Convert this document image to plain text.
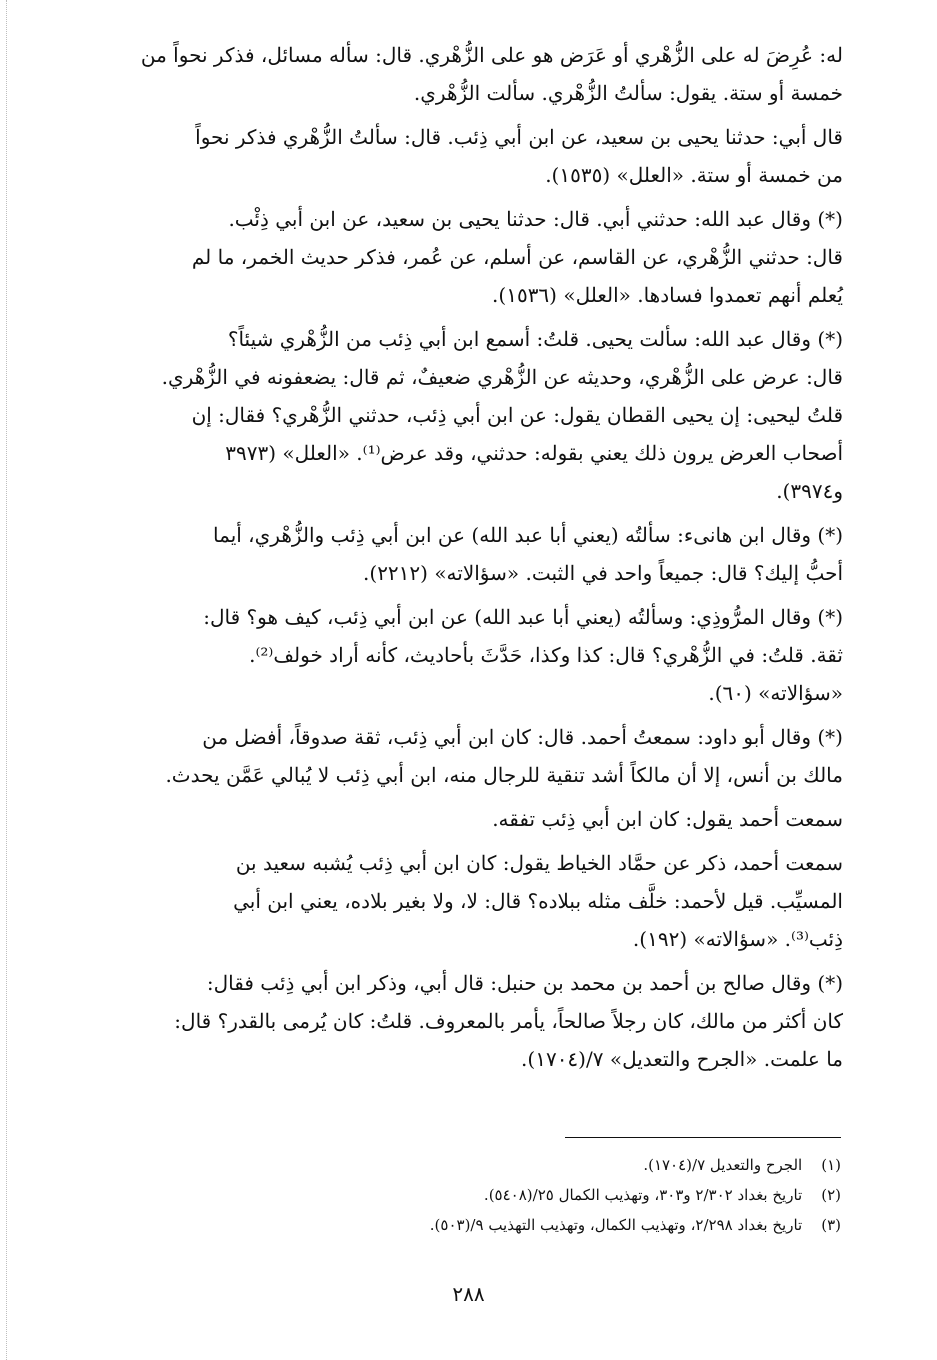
له: عُرِضَ له على الزُّهْري أو عَرَض هو على الزُّهْري. قال: سأله مسائل، فذكر نحواً من
خمسة أو ستة. يقول: سألتُ الزُّهْري. سألت الزُّهْري.

قال أبي: حدثنا يحيى بن سعيد، عن ابن أبي ذِئب. قال: سألتُ الزُّهْري فذكر نحواً
من خمسة أو ستة. «العلل» (١٥٣٥).

(*) وقال عبد الله: حدثني أبي. قال: حدثنا يحيى بن سعيد، عن ابن أبي ذِئْب.
قال: حدثني الزُّهْري، عن القاسم، عن أسلم، عن عُمر، فذكر حديث الخمر، ما لم
يُعلم أنهم تعمدوا فسادها. «العلل» (١٥٣٦).

(*) وقال عبد الله: سألت يحيى. قلتُ: أسمع ابن أبي ذِئب من الزُّهْري شيئاً؟
قال: عرض على الزُّهْري، وحديثه عن الزُّهْري ضعيفٌ، ثم قال: يضعفونه في الزُّهْري.
قلتُ ليحيى: إن يحيى القطان يقول: عن ابن أبي ذِئب، حدثني الزُّهْري؟ فقال: إن
أصحاب العرض يرون ذلك يعني بقوله: حدثني، وقد عرض⁽¹⁾. «العلل» (٣٩٧٣
و٣٩٧٤).

(*) وقال ابن هانىء: سألتُه (يعني أبا عبد الله) عن ابن أبي ذِئب والزُّهْري، أيما
أحبُّ إليك؟ قال: جميعاً واحد في الثبت. «سؤالاته» (٢٢١٢).

(*) وقال المرُّوذِي: وسألتُه (يعني أبا عبد الله) عن ابن أبي ذِئب، كيف هو؟ قال:
ثقة. قلتُ: في الزُّهْري؟ قال: كذا وكذا، حَدَّثَ بأحاديث، كأنه أراد خولف⁽²⁾.
«سؤالاته» (٦٠).

(*) وقال أبو داود: سمعتُ أحمد. قال: كان ابن أبي ذِئب، ثقة صدوقاً، أفضل من
مالك بن أنس، إلا أن مالكاً أشد تنقية للرجال منه، ابن أبي ذِئب لا يُبالي عَمَّن يحدث.

سمعت أحمد يقول: كان ابن أبي ذِئب تفقه.

سمعت أحمد، ذكر عن حمَّاد الخياط يقول: كان ابن أبي ذِئب يُشبه سعيد بن
المسيِّب. قيل لأحمد: خلَّف مثله ببلاده؟ قال: لا، ولا بغير بلاده، يعني ابن أبي
ذِئب⁽³⁾. «سؤالاته» (١٩٢).

(*) وقال صالح بن أحمد بن محمد بن حنبل: قال أبي، وذكر ابن أبي ذِئب فقال:
كان أكثر من مالك، كان رجلاً صالحاً، يأمر بالمعروف. قلتُ: كان يُرمى بالقدر؟ قال:
ما علمت. «الجرح والتعديل» ٧/(١٧٠٤).

(١) الجرح والتعديل ٧/(١٧٠٤).
(٢) تاريخ بغداد ٢/٣٠٢ و٣٠٣، وتهذيب الكمال ٢٥/(٥٤٠٨).
(٣) تاريخ بغداد ٢/٢٩٨، وتهذيب الكمال، وتهذيب التهذيب ٩/(٥٠٣).
٢٨٨
